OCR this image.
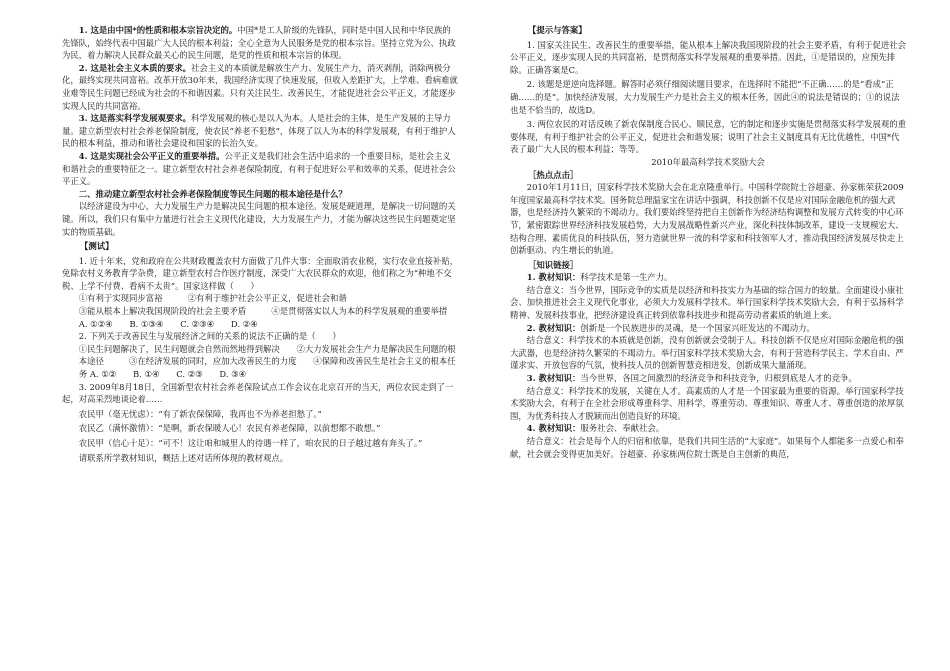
1. 这是由中国*的性质和根本宗旨决定的。中国*是工人阶级的先锋队，同时是中国人民和中华民族的先锋队，始终代表中国最广大人民的根本利益；全心全意为人民服务是党的根本宗旨。坚持立党为公、执政为民，着力解决人民群众最关心的民生问题，是党的性质和根本宗旨的体现。

2. 这是社会主义本质的要求。社会主义的本质就是解放生产力、发展生产力，消灭剥削，消除两极分化，最终实现共同富裕。改革开放30年来，我国经济实现了快速发展，但收入差距扩大，上学难、看病难就业难等民生问题已经成为社会的不和谐因素。只有关注民生、改善民生，才能促进社会公平正义，才能逐步实现人民的共同富裕。

3. 这是落实科学发展观要求。科学发展观的核心是以人为本。人是社会的主体，是生产发展的主导力量。建立新型农村社会养老保险制度，使农民“养老不犯愁”，体现了以人为本的科学发展观，有利于维护人民的根本利益，推动和谐社会建设和国家的长治久安。

4. 这是实现社会公平正义的重要举措。公平正义是我们社会生活中追求的一个重要目标，是社会主义和谐社会的重要特征之一。建立新型农村社会养老保险制度，有利于促进好公平和效率的关系，促进社会公平正义。

二、推动建立新型农村社会养老保险制度等民生问题的根本途径是什么？

以经济建设为中心，大力发展生产力是解决民生问题的根本途径。发展是硬道理，是解决一切问题的关键。所以，我们只有集中力量进行社会主义现代化建设，大力发展生产力，才能为解决这些民生问题奠定坚实的物质基础。

【测试】

1. 近十年来，党和政府在公共财政覆盖农村方面做了几件大事：全面取消农业税，实行农业直接补贴，免除农村义务教育学杂费，建立新型农村合作医疗制度，深受广大农民群众的欢迎，他们称之为“种地不交税、上学不付费、看病不太贵”。国家这样做（　　）

①有利于实现同步富裕　　　②有利于维护社会公平正义，促进社会和谐

③能从根本上解决我国现阶段的社会主要矛盾　　　④是贯彻落实以人为本的科学发展观的重要举措 A. ①②④　　B. ①③④　　C. ②③④　　D. ②④

2. 下列关于改善民生与发展经济之间的关系的说法不正确的是（　　）

①民生问题解决了，民生问题就会自然而然地得到解决　　②大力发展社会生产力是解决民生问题的根本途径　　　③在经济发展的同时，应加大改善民生的力度　　④保障和改善民生是社会主义的根本任务 A. ①②　　B. ①④　　C. ②③　　D. ③④

3. 2009年8月18日，全国新型农村社会养老保险试点工作会议在北京召开的当天，两位农民走到了一起，对高采烈地谈论着……

农民甲（毫无忧虑）：“有了新农保保障，我再也不为养老担愁了。”

农民乙（满怀激情）：“是啊，新农保暖人心！农民有养老保障，以前想都不敢想。”

农民甲（信心十足）：“可不！这让咱和城里人的待遇一样了，咱农民的日子越过越有奔头了。”

请联系所学教材知识，概括上述对话所体现的教材观点。

【提示与答案】

1. 国家关注民生、改善民生的重要举措，能从根本上解决我国现阶段的社会主要矛盾，有利于促进社会公平正义，逐步实现人民的共同富裕，是贯彻落实科学发展观的重要举措。因此，①是错误的，应预先排除。正确答案是C。

2. 该题是逆逆向选择题。解答时必须仔细阅读题目要求，在选择时不能把“不正确……的是”看成“正确……的是”。加快经济发展，大力发展生产力是社会主义的根本任务，因此④的说法是错误的；①的说法也是不恰当的，故选D。

3. 两位农民的对话反映了新农保制度合民心、顺民意，它的制定和逐步实施是贯彻落实科学发展观的重要体现，有利于维护社会的公平正义，促进社会和谐发展；说明了社会主义制度具有无比优越性，中国*代表了最广大人民的根本利益；等等。

2010年最高科学技术奖励大会

［热点点击］

2010年1月11日，国家科学技术奖励大会在北京隆重举行。中国科学院院士谷超豪、孙家栋荣获2009年度国家最高科学技术奖。国务院总理温家宝在讲话中强调，科技创新不仅是应对国际金融危机的强大武器，也是经济持久繁荣的不竭动力。我们要始终坚持把自主创新作为经济结构调整和发展方式转变的中心环节，紧密跟踪世界经济科技发展趋势，大力发展战略性新兴产业，深化科技体制改革，建设一支规模宏大、结构合理、素质优良的科技队伍，努力造就世界一流的科学家和科技领军人才，推动我国经济发展尽快走上创新驱动、内生增长的轨道。

［知识链接］

1. 教材知识：科学技术是第一生产力。

结合意义：当今世界，国际竞争的实质是以经济和科技实力为基础的综合国力的较量。全面建设小康社会、加快推进社会主义现代化事业，必须大力发展科学技术。举行国家科学技术奖励大会，有利于弘扬科学精神、发展科技事业，把经济建设真正转到依靠科技进步和提高劳动者素质的轨道上来。

2. 教材知识：创新是一个民族进步的灵魂，是一个国家兴旺发达的不竭动力。

结合意义：科学技术的本质就是创新，没有创新就会受制于人。科技创新不仅是应对国际金融危机的强大武器，也是经济持久繁荣的不竭动力。举行国家科学技术奖励大会，有利于营造科学民主、学术自由、严谨求实、开放包容的气氛，使科技人员的创新智慧竞相迸发，创新成果大量涌现。

3. 教材知识：当今世界，各国之间激烈的经济竞争和科技竞争，归根到底是人才的竞争。

结合意义：科学技术的发展，关键在人才。高素质的人才是一个国家最为重要的资源。举行国家科学技术奖励大会，有利于在全社会形成尊重科学、用科学，尊重劳动、尊重知识、尊重人才、尊重创造的浓厚氛围，为优秀科技人才脱颖而出创造良好的环境。

4. 教材知识：服务社会、奉献社会。

结合意义：社会是每个人的归宿和依靠，是我们共同生活的“大家庭”。如果每个人都能多一点爱心和奉献，社会就会变得更加美好。谷超豪、孙家栋两位院士既是自主创新的典范，
